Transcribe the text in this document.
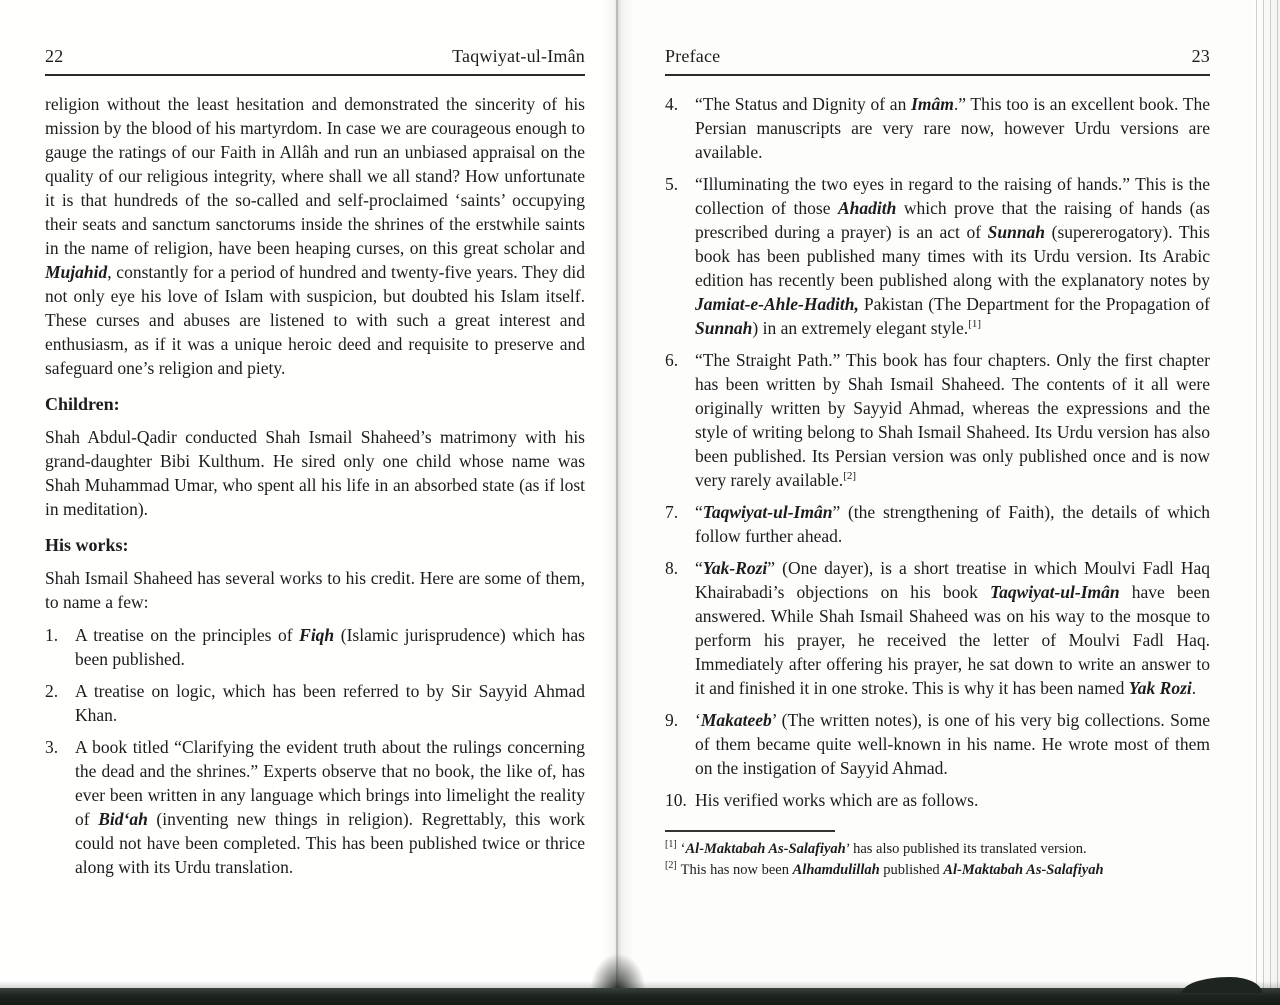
22	Taqwiyat-ul-Imân

religion without the least hesitation and demonstrated the sincerity of his mission by the blood of his martyrdom. In case we are courageous enough to gauge the ratings of our Faith in Allâh and run an unbiased appraisal on the quality of our religious integrity, where shall we all stand? How unfortunate it is that hundreds of the so-called and self-proclaimed ‘saints’ occupying their seats and sanctum sanctorums inside the shrines of the erstwhile saints in the name of religion, have been heaping curses, on this great scholar and Mujahid, constantly for a period of hundred and twenty-five years. They did not only eye his love of Islam with suspicion, but doubted his Islam itself. These curses and abuses are listened to with such a great interest and enthusiasm, as if it was a unique heroic deed and requisite to preserve and safeguard one’s religion and piety.

Children:

Shah Abdul-Qadir conducted Shah Ismail Shaheed’s matrimony with his grand-daughter Bibi Kulthum. He sired only one child whose name was Shah Muhammad Umar, who spent all his life in an absorbed state (as if lost in meditation).

His works:

Shah Ismail Shaheed has several works to his credit. Here are some of them, to name a few:

1. A treatise on the principles of Fiqh (Islamic jurisprudence) which has been published.
2. A treatise on logic, which has been referred to by Sir Sayyid Ahmad Khan.
3. A book titled “Clarifying the evident truth about the rulings concerning the dead and the shrines.” Experts observe that no book, the like of, has ever been written in any language which brings into limelight the reality of Bid‘ah (inventing new things in religion). Regrettably, this work could not have been completed. This has been published twice or thrice along with its Urdu translation.
Preface	23
4. “The Status and Dignity of an Imâm.” This too is an excellent book. The Persian manuscripts are very rare now, however Urdu versions are available.
5. “Illuminating the two eyes in regard to the raising of hands.” This is the collection of those Ahadith which prove that the raising of hands (as prescribed during a prayer) is an act of Sunnah (supererogatory). This book has been published many times with its Urdu version. Its Arabic edition has recently been published along with the explanatory notes by Jamiat-e-Ahle-Hadith, Pakistan (The Department for the Propagation of Sunnah) in an extremely elegant style.[1]
6. “The Straight Path.” This book has four chapters. Only the first chapter has been written by Shah Ismail Shaheed. The contents of it all were originally written by Sayyid Ahmad, whereas the expressions and the style of writing belong to Shah Ismail Shaheed. Its Urdu version has also been published. Its Persian version was only published once and is now very rarely available.[2]
7. “Taqwiyat-ul-Imân” (the strengthening of Faith), the details of which follow further ahead.
8. “Yak-Rozi” (One dayer), is a short treatise in which Moulvi Fadl Haq Khairabadi’s objections on his book Taqwiyat-ul-Imân have been answered. While Shah Ismail Shaheed was on his way to the mosque to perform his prayer, he received the letter of Moulvi Fadl Haq. Immediately after offering his prayer, he sat down to write an answer to it and finished it in one stroke. This is why it has been named Yak Rozi.
9. ‘Makateeb’ (The written notes), is one of his very big collections. Some of them became quite well-known in his name. He wrote most of them on the instigation of Sayyid Ahmad.
10. His verified works which are as follows.
[1] ‘Al-Maktabah As-Salafiyah’ has also published its translated version.
[2] This has now been Alhamdulillah published Al-Maktabah As-Salafiyah
